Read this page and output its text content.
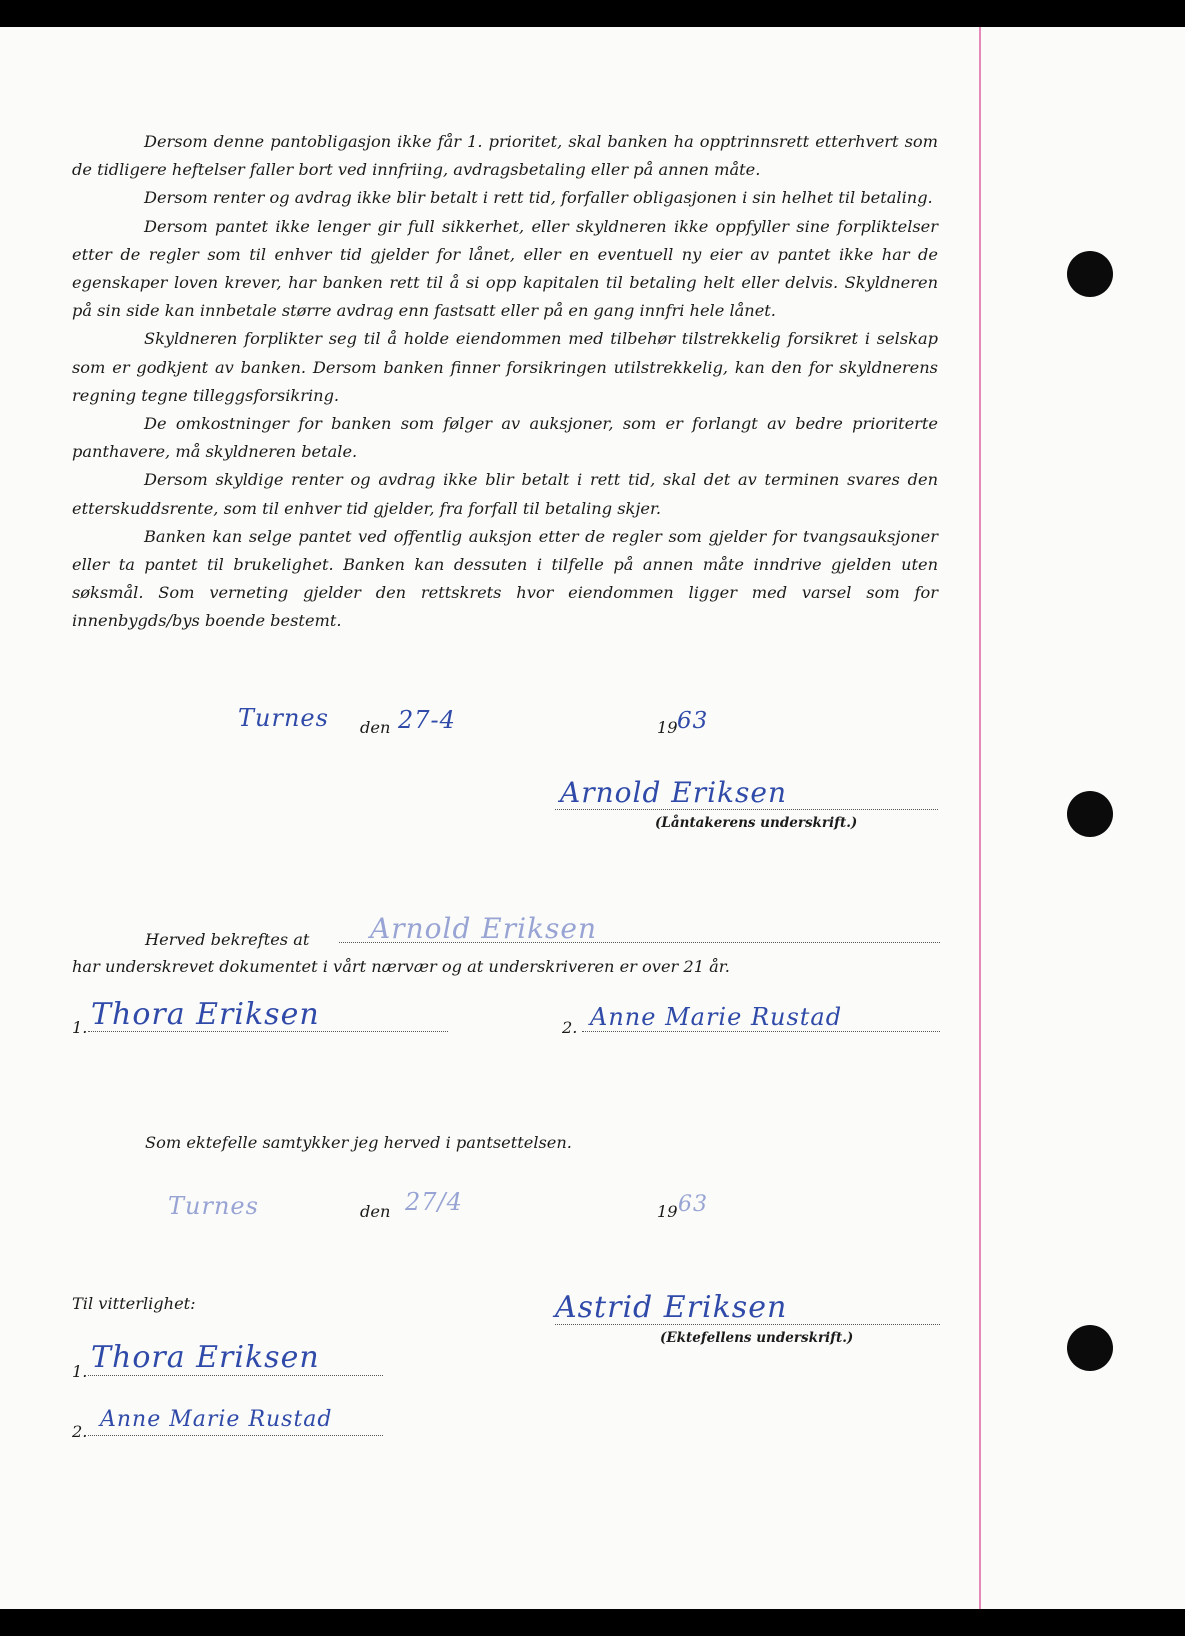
Dersom denne pantobligasjon ikke får 1. prioritet, skal banken ha opptrinnsrett etterhvert som de tidligere heftelser faller bort ved innfriing, avdragsbetaling eller på annen måte.

Dersom renter og avdrag ikke blir betalt i rett tid, forfaller obligasjonen i sin helhet til betaling.

Dersom pantet ikke lenger gir full sikkerhet, eller skyldneren ikke oppfyller sine forpliktelser etter de regler som til enhver tid gjelder for lånet, eller en eventuell ny eier av pantet ikke har de egenskaper loven krever, har banken rett til å si opp kapitalen til betaling helt eller delvis. Skyldneren på sin side kan innbetale større avdrag enn fastsatt eller på en gang innfri hele lånet.

Skyldneren forplikter seg til å holde eiendommen med tilbehør tilstrekkelig forsikret i selskap som er godkjent av banken. Dersom banken finner forsikringen utilstrekkelig, kan den for skyldnerens regning tegne tilleggsforsikring.

De omkostninger for banken som følger av auksjoner, som er forlangt av bedre prioriterte panthavere, må skyldneren betale.

Dersom skyldige renter og avdrag ikke blir betalt i rett tid, skal det av terminen svares den etterskuddsrente, som til enhver tid gjelder, fra forfall til betaling skjer.

Banken kan selge pantet ved offentlig auksjon etter de regler som gjelder for tvangsauksjoner eller ta pantet til brukelighet. Banken kan dessuten i tilfelle på annen måte inndrive gjelden uten søksmål. Som verneting gjelder den rettskrets hvor eiendommen ligger med varsel som for innenbygds/bys boende bestemt.

Turnes den 27-4	19 63
Arnold Eriksen
(Låntakerens underskrift.)
Herved bekreftes at Arnold Eriksen
har underskrevet dokumentet i vårt nærvær og at underskriveren er over 21 år.
1. Thora Eriksen	2. Anne Marie Rustad
Som ektefelle samtykker jeg herved i pantsettelsen.
Turnes	den 27/4	19 63
Til vitterlighet:	Astrid Eriksen
(Ektefellens underskrift.)
1. Thora Eriksen
2. Anne Marie Rustad
